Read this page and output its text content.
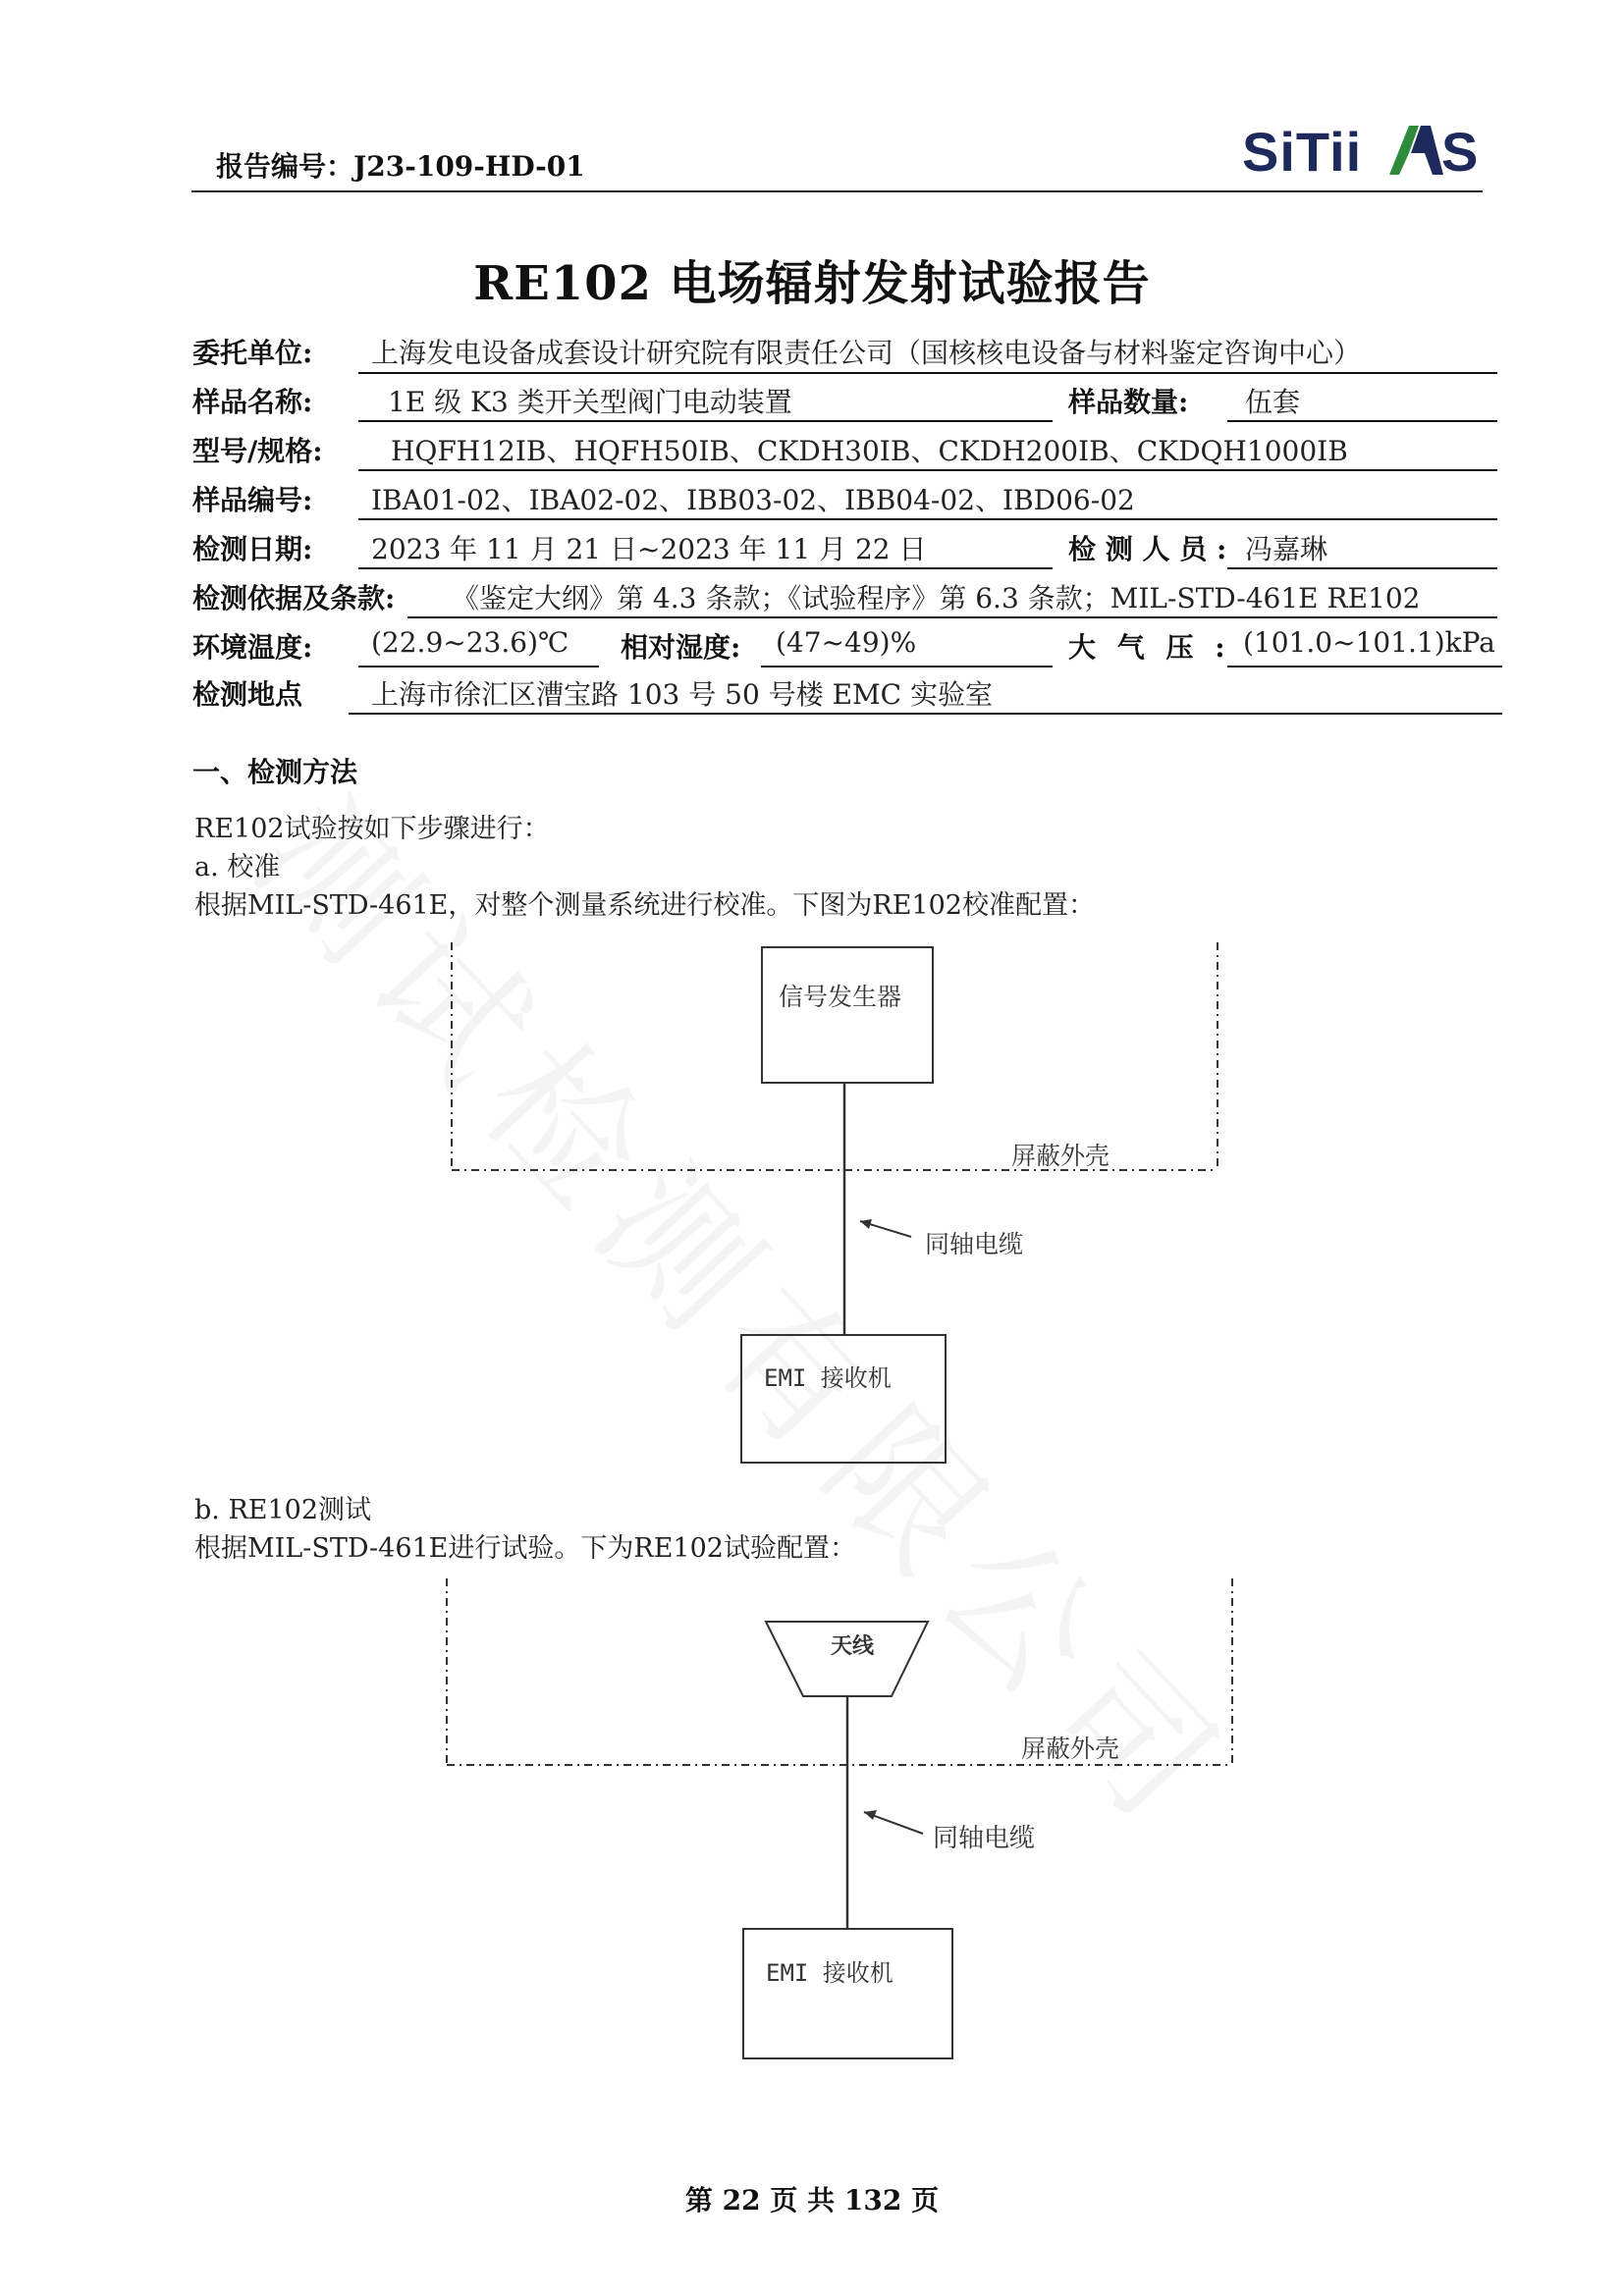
报告编号：J23-109-HD-01	SiTii S
RE102 电场辐射发射试验报告
委托单位: 上海发电设备成套设计研究院有限责任公司（国核核电设备与材料鉴定咨询中心）
样品名称:	1E 级 K3 类开关型阀门电动装置	样品数量: 伍套
型号/规格: HQFH12IB、HQFH50IB、CKDH30IB、CKDH200IB、CKDQH1000IB
样品编号: IBA01-02、IBA02-02、IBB03-02、IBB04-02、IBD06-02
检测日期: 2023 年 11 月 21 日~2023 年 11 月 22 日	检 测 人 员 : 冯嘉琳
检测依据及条款: 《鉴定大纲》第 4.3 条款；《试验程序》第 6.3 条款；MIL-STD-461E RE102
环境温度: (22.9~23.6)℃ 相对湿度: (47~49)%	大 气 压 : (101.0~101.1)kPa
检测地点 上海市徐汇区漕宝路 103 号 50 号楼 EMC 实验室
一、检测方法
RE102试验按如下步骤进行：
a. 校准
根据MIL-STD-461E，对整个测量系统进行校准。下图为RE102校准配置：
信号发生器
屏蔽外壳
同轴电缆
EMI 接收机
b. RE102测试
根据MIL-STD-461E进行试验。下为RE102试验配置：
天线
屏蔽外壳
同轴电缆
EMI 接收机
第 22 页 共 132 页
